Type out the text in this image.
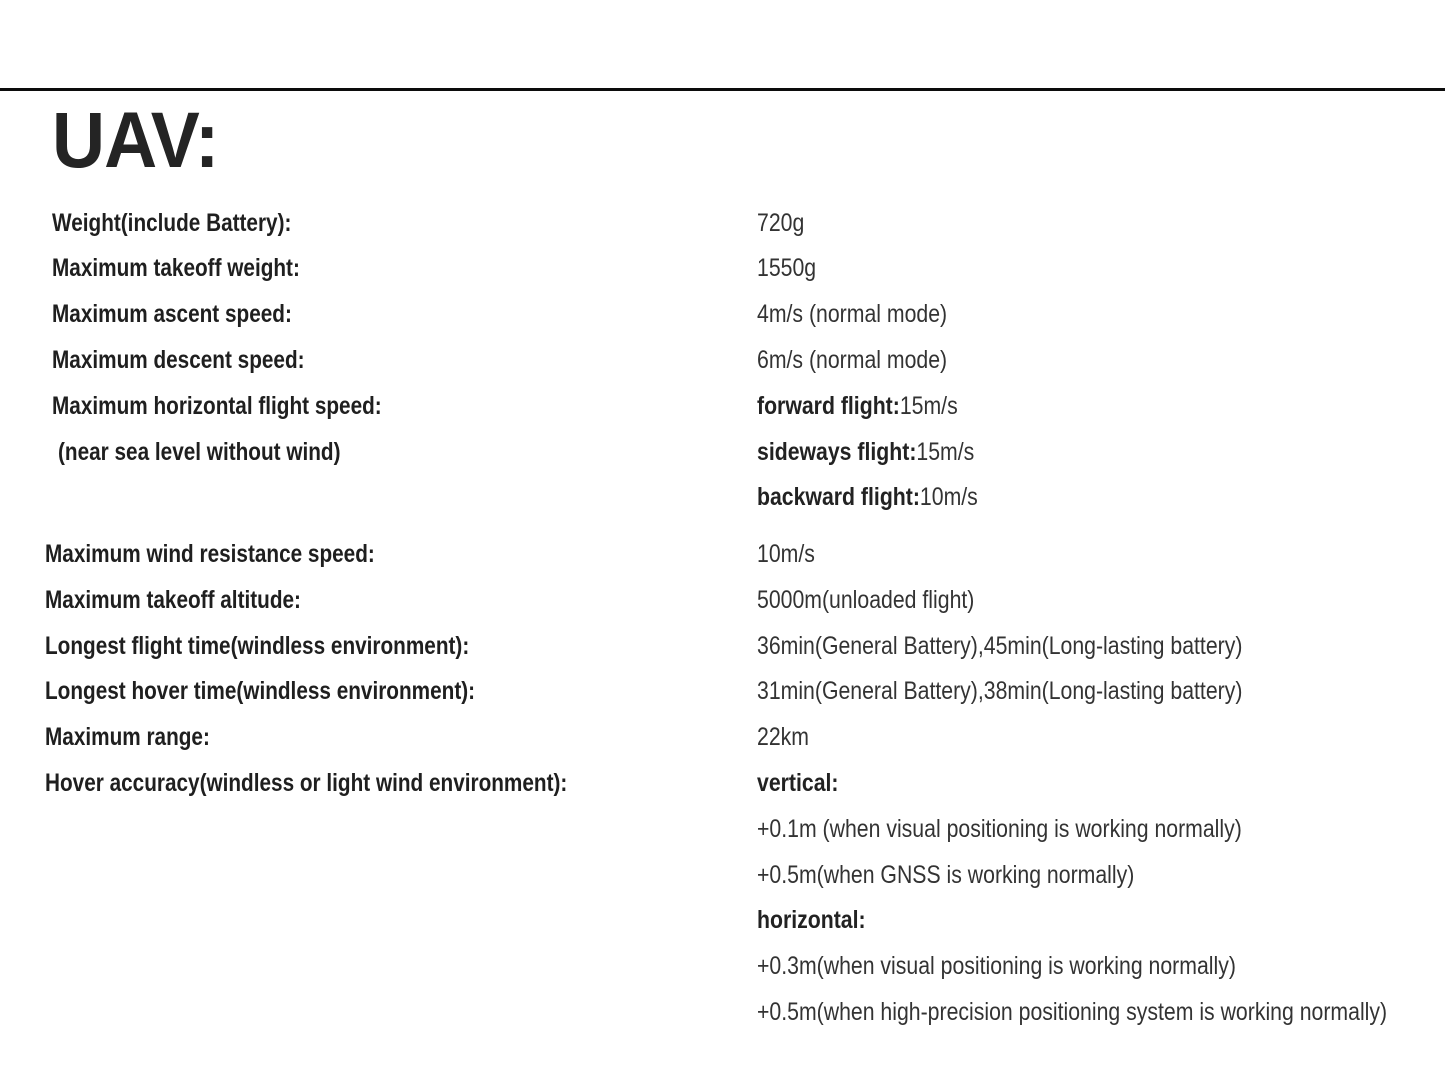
UAV:
Weight(include Battery):	720g
Maximum takeoff weight:	1550g
Maximum ascent speed:	4m/s (normal mode)
Maximum descent speed:	6m/s (normal mode)
Maximum horizontal flight speed:	forward flight:15m/s
(near sea level without wind)	sideways flight:15m/s
backward flight:10m/s
Maximum wind resistance speed:	10m/s
Maximum takeoff altitude:	5000m(unloaded flight)
Longest flight time(windless environment):	36min(General Battery),45min(Long-lasting battery)
Longest hover time(windless environment):	31min(General Battery),38min(Long-lasting battery)
Maximum range:	22km
Hover accuracy(windless or light wind environment):	vertical:
+0.1m (when visual positioning is working normally)
+0.5m(when GNSS is working normally)
horizontal:
+0.3m(when visual positioning is working normally)
+0.5m(when high-precision positioning system is working normally)
